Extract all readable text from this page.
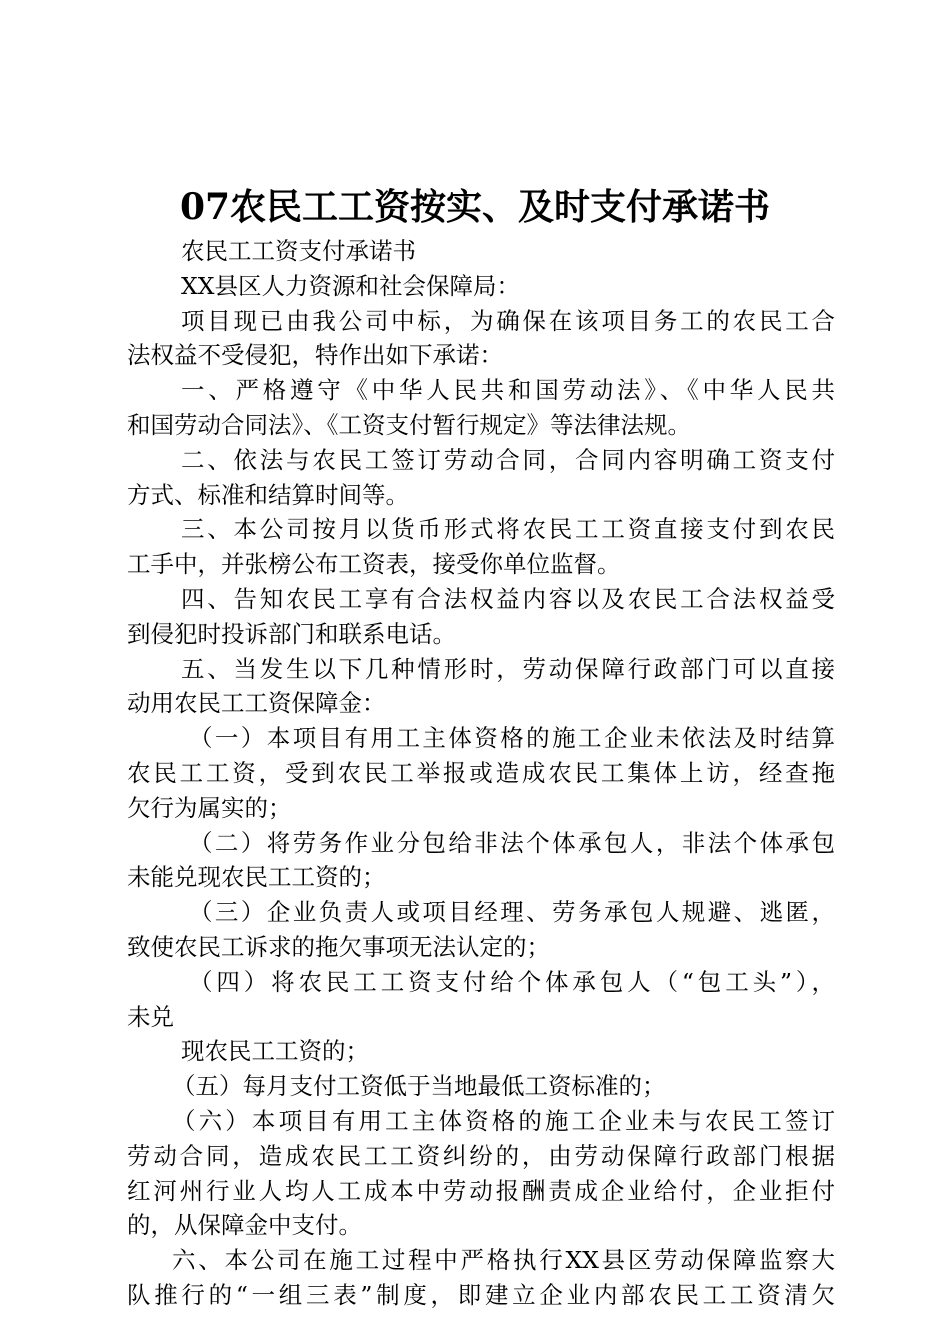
07农民工工资按实、及时支付承诺书
农民工工资支付承诺书
XX县区人力资源和社会保障局：
项目现已由我公司中标，为确保在该项目务工的农民工合
法权益不受侵犯，特作出如下承诺：
一、严格遵守《中华人民共和国劳动法》、《中华人民共
和国劳动合同法》、《工资支付暂行规定》等法律法规。
二、依法与农民工签订劳动合同，合同内容明确工资支付
方式、标准和结算时间等。
三、本公司按月以货币形式将农民工工资直接支付到农民
工手中，并张榜公布工资表，接受你单位监督。
四、告知农民工享有合法权益内容以及农民工合法权益受
到侵犯时投诉部门和联系电话。
五、当发生以下几种情形时，劳动保障行政部门可以直接
动用农民工工资保障金：
（一）本项目有用工主体资格的施工企业未依法及时结算
农民工工资，受到农民工举报或造成农民工集体上访，经查拖
欠行为属实的；
（二）将劳务作业分包给非法个体承包人，非法个体承包
未能兑现农民工工资的；
（三）企业负责人或项目经理、劳务承包人规避、逃匿，
致使农民工诉求的拖欠事项无法认定的；
（四）将农民工工资支付给个体承包人（“包工头”），
未兑
现农民工工资的；
（五）每月支付工资低于当地最低工资标准的；
（六）本项目有用工主体资格的施工企业未与农民工签订
劳动合同，造成农民工工资纠纷的，由劳动保障行政部门根据
红河州行业人均人工成本中劳动报酬责成企业给付，企业拒付
的，从保障金中支付。
六、本公司在施工过程中严格执行XX县区劳动保障监察大
队推行的“一组三表”制度，即建立企业内部农民工工资清欠
